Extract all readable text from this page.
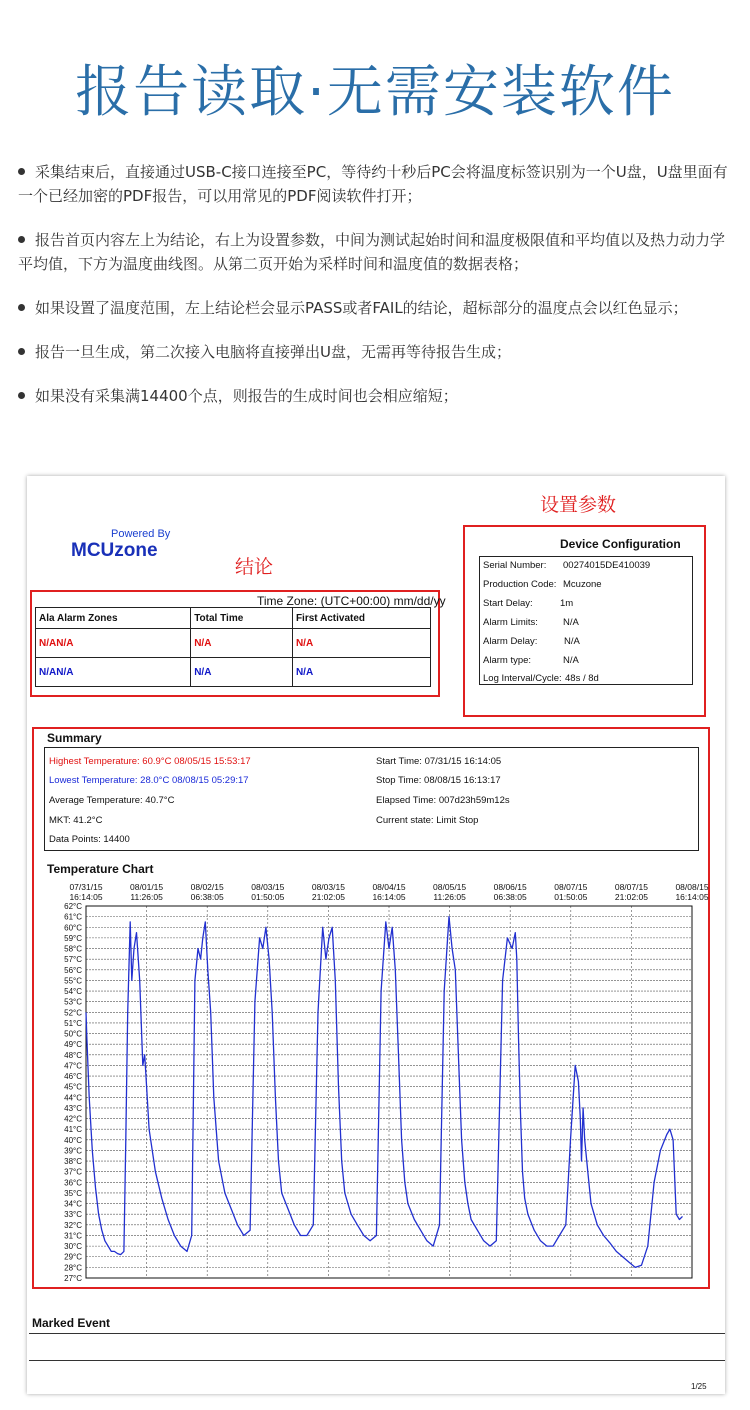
报告读取·无需安装软件
采集结束后，直接通过USB-C接口连接至PC，等待约十秒后PC会将温度标签识别为一个U盘，U盘里面有一个已经加密的PDF报告，可以用常见的PDF阅读软件打开；
报告首页内容左上为结论，右上为设置参数，中间为测试起始时间和温度极限值和平均值以及热力动力学平均值，下方为温度曲线图。从第二页开始为采样时间和温度值的数据表格；
如果设置了温度范围，左上结论栏会显示PASS或者FAIL的结论，超标部分的温度点会以红色显示；
报告一旦生成，第二次接入电脑将直接弹出U盘，无需再等待报告生成；
如果没有采集满14400个点，则报告的生成时间也会相应缩短；
Powered By
MCUzone
结论
设置参数
Time Zone: (UTC+00:00) mm/dd/yy
Ala Alarm Zones	Total Time	First Activated
N/AN/A	N/A	N/A
N/AN/A	N/A	N/A
Device Configuration
Serial Number: 00274015DE410039
Production Code: Mcuzone
Start Delay:	1m
Alarm Limits:	N/A
Alarm Delay:	N/A
Alarm type:	N/A
Log Interval/Cycle: 48s / 8d
Summary
Highest Temperature: 60.9°C 08/05/15 15:53:17
Lowest Temperature: 28.0°C 08/08/15 05:29:17
Average Temperature: 40.7°C
MKT: 41.2°C
Data Points: 14400
Start Time: 07/31/15 16:14:05
Stop Time: 08/08/15 16:13:17
Elapsed Time: 007d23h59m12s
Current state: Limit Stop
Temperature Chart
62°C
61°C
60°C
59°C
58°C
57°C
56°C
55°C
54°C
53°C
52°C
51°C
50°C
49°C
48°C
47°C
46°C
45°C
44°C
43°C
42°C
41°C
40°C
39°C
38°C
37°C
36°C
35°C
34°C
33°C
32°C
31°C
30°C
29°C
28°C
27°C
07/31/15
16:14:05
08/01/15
11:26:05
08/02/15
06:38:05
08/03/15
01:50:05
08/03/15
21:02:05
08/04/15
16:14:05
08/05/15
11:26:05
08/06/15
06:38:05
08/07/15
01:50:05
08/07/15
21:02:05
08/08/15
16:14:05
Marked Event
1/25
